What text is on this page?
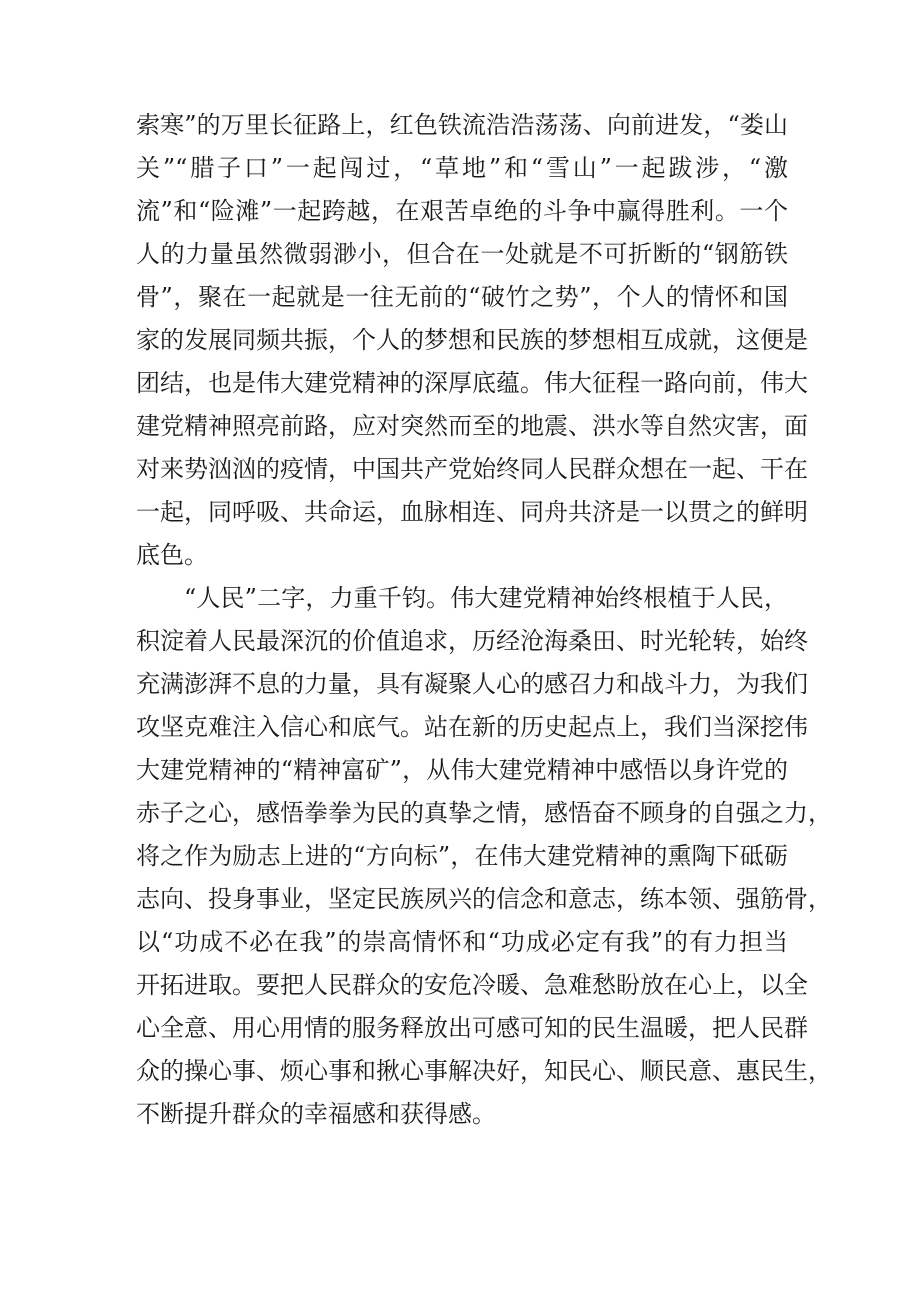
索寒”的万里长征路上，红色铁流浩浩荡荡、向前进发，“娄山
关”“腊子口”一起闯过，“草地”和“雪山”一起跋涉，“激
流”和“险滩”一起跨越，在艰苦卓绝的斗争中赢得胜利。一个
人的力量虽然微弱渺小，但合在一处就是不可折断的“钢筋铁
骨”，聚在一起就是一往无前的“破竹之势”，个人的情怀和国
家的发展同频共振，个人的梦想和民族的梦想相互成就，这便是
团结，也是伟大建党精神的深厚底蕴。伟大征程一路向前，伟大
建党精神照亮前路，应对突然而至的地震、洪水等自然灾害，面
对来势汹汹的疫情，中国共产党始终同人民群众想在一起、干在
一起，同呼吸、共命运，血脉相连、同舟共济是一以贯之的鲜明
底色。
“人民”二字，力重千钧。伟大建党精神始终根植于人民，
积淀着人民最深沉的价值追求，历经沧海桑田、时光轮转，始终
充满澎湃不息的力量，具有凝聚人心的感召力和战斗力，为我们
攻坚克难注入信心和底气。站在新的历史起点上，我们当深挖伟
大建党精神的“精神富矿”，从伟大建党精神中感悟以身许党的
赤子之心，感悟拳拳为民的真挚之情，感悟奋不顾身的自强之力，
将之作为励志上进的“方向标”，在伟大建党精神的熏陶下砥砺
志向、投身事业，坚定民族夙兴的信念和意志，练本领、强筋骨，
以“功成不必在我”的崇高情怀和“功成必定有我”的有力担当
开拓进取。要把人民群众的安危冷暖、急难愁盼放在心上，以全
心全意、用心用情的服务释放出可感可知的民生温暖，把人民群
众的操心事、烦心事和揪心事解决好，知民心、顺民意、惠民生，
不断提升群众的幸福感和获得感。
